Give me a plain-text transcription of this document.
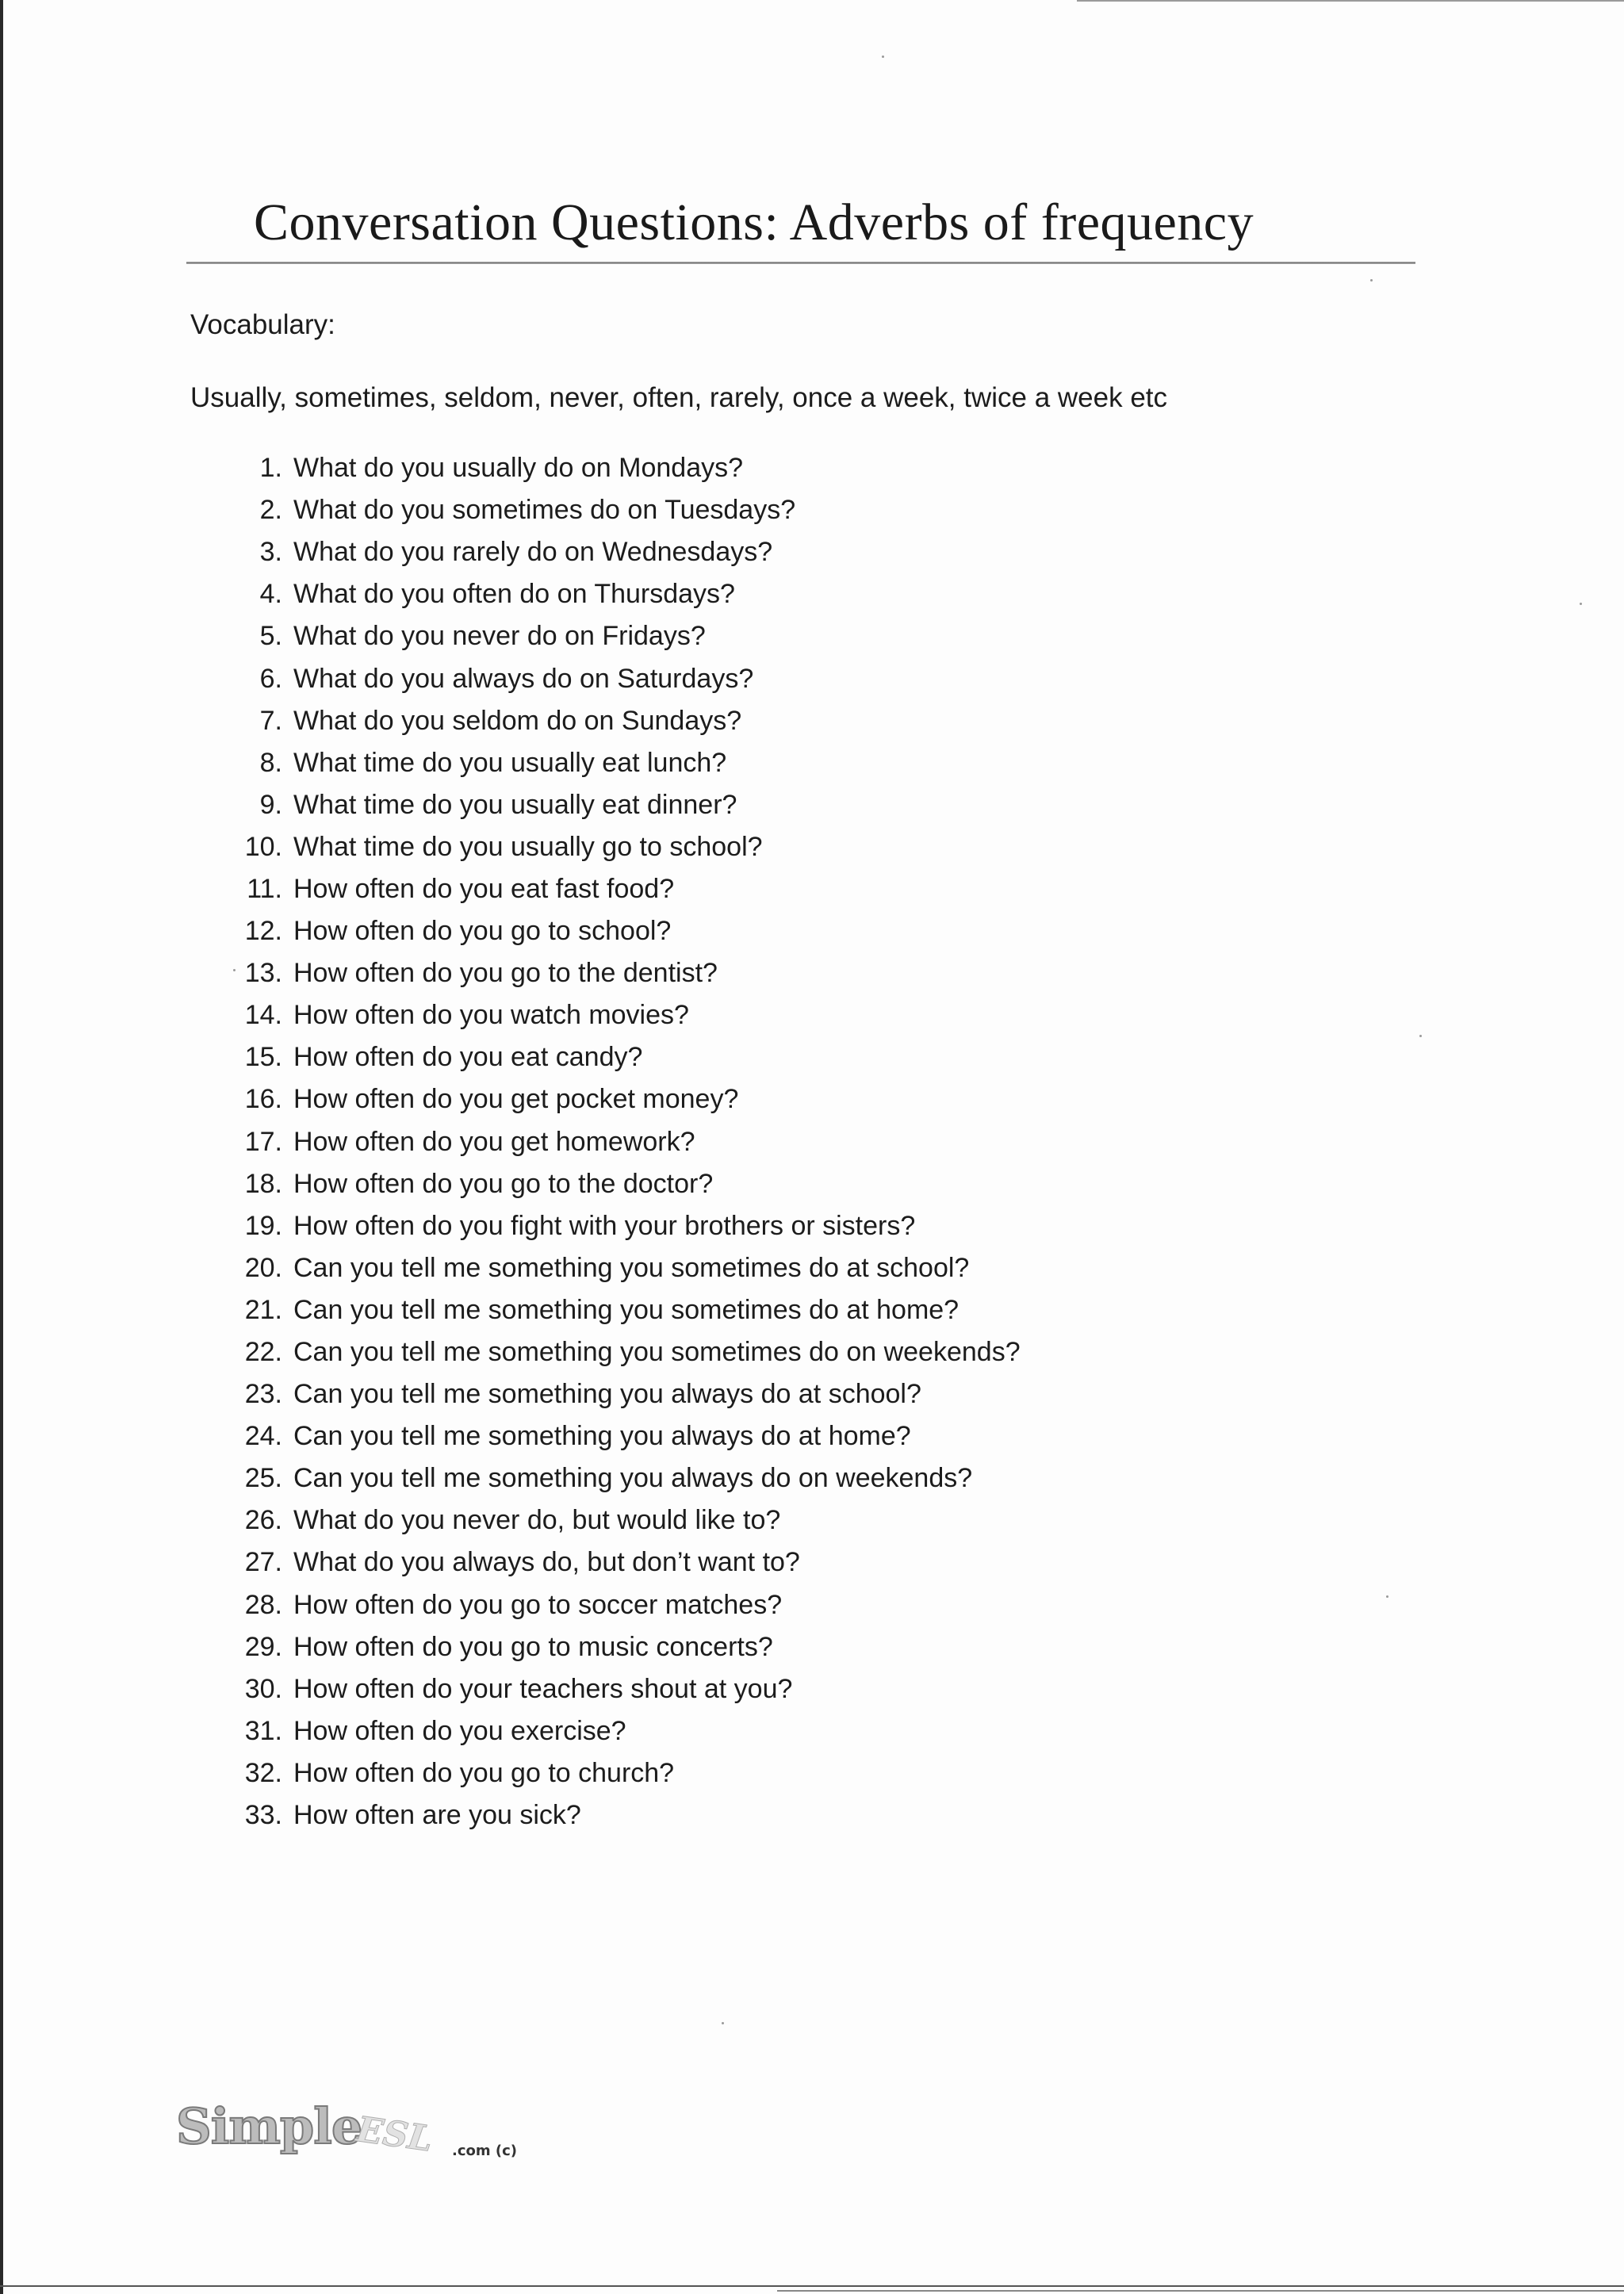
Conversation Questions: Adverbs of frequency
Vocabulary:
Usually, sometimes, seldom, never, often, rarely, once a week, twice a week etc
1. What do you usually do on Mondays?
2. What do you sometimes do on Tuesdays?
3. What do you rarely do on Wednesdays?
4. What do you often do on Thursdays?
5. What do you never do on Fridays?
6. What do you always do on Saturdays?
7. What do you seldom do on Sundays?
8. What time do you usually eat lunch?
9. What time do you usually eat dinner?
10. What time do you usually go to school?
11. How often do you eat fast food?
12. How often do you go to school?
13. How often do you go to the dentist?
14. How often do you watch movies?
15. How often do you eat candy?
16. How often do you get pocket money?
17. How often do you get homework?
18. How often do you go to the doctor?
19. How often do you fight with your brothers or sisters?
20. Can you tell me something you sometimes do at school?
21. Can you tell me something you sometimes do at home?
22. Can you tell me something you sometimes do on weekends?
23. Can you tell me something you always do at school?
24. Can you tell me something you always do at home?
25. Can you tell me something you always do on weekends?
26. What do you never do, but would like to?
27. What do you always do, but don’t want to?
28. How often do you go to soccer matches?
29. How often do you go to music concerts?
30. How often do your teachers shout at you?
31. How often do you exercise?
32. How often do you go to church?
33. How often are you sick?
Simple
ESL .com (c)
